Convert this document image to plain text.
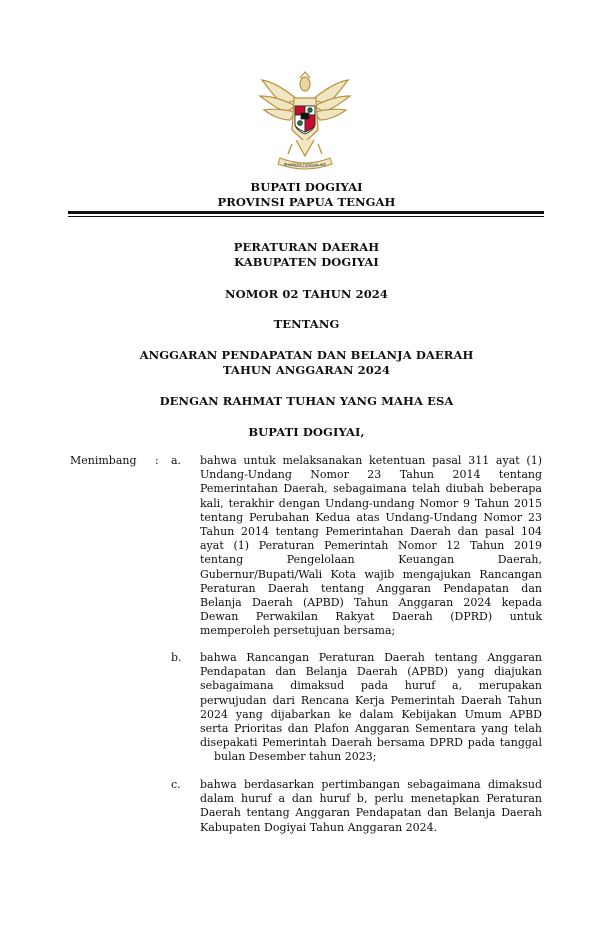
BHINNEKA TUNGGAL IKA
BUPATI DOGIYAI
PROVINSI PAPUA TENGAH
PERATURAN DAERAH
KABUPATEN DOGIYAI
NOMOR 02 TAHUN 2024
TENTANG
ANGGARAN PENDAPATAN DAN BELANJA DAERAH
TAHUN ANGGARAN 2024
DENGAN RAHMAT TUHAN YANG MAHA ESA
BUPATI DOGIYAI,
Menimbang : a. bahwa untuk melaksanakan ketentuan pasal 311 ayat (1) Undang-Undang Nomor 23 Tahun 2014 tentang Pemerintahan Daerah, sebagaimana telah diubah beberapa kali, terakhir dengan Undang-undang Nomor 9 Tahun 2015 tentang Perubahan Kedua atas Undang-Undang Nomor 23 Tahun 2014 tentang Pemerintahan Daerah dan pasal 104 ayat (1) Peraturan Pemerintah Nomor 12 Tahun 2019 tentang Pengelolaan Keuangan Daerah, Gubernur/Bupati/Wali Kota wajib mengajukan Rancangan Peraturan Daerah tentang Anggaran Pendapatan dan Belanja Daerah (APBD) Tahun Anggaran 2024 kepada Dewan Perwakilan Rakyat Daerah (DPRD) untuk memperoleh persetujuan bersama;
b. bahwa Rancangan Peraturan Daerah tentang Anggaran Pendapatan dan Belanja Daerah (APBD) yang diajukan sebagaimana dimaksud pada huruf a, merupakan perwujudan dari Rencana Kerja Pemerintah Daerah Tahun 2024 yang dijabarkan ke dalam Kebijakan Umum APBD serta Prioritas dan Plafon Anggaran Sementara yang telah disepakati Pemerintah Daerah bersama DPRD pada tanggal     bulan Desember tahun 2023;
c. bahwa berdasarkan pertimbangan sebagaimana dimaksud dalam huruf a dan huruf b, perlu menetapkan Peraturan Daerah tentang Anggaran Pendapatan dan Belanja Daerah Kabupaten Dogiyai Tahun Anggaran 2024.
